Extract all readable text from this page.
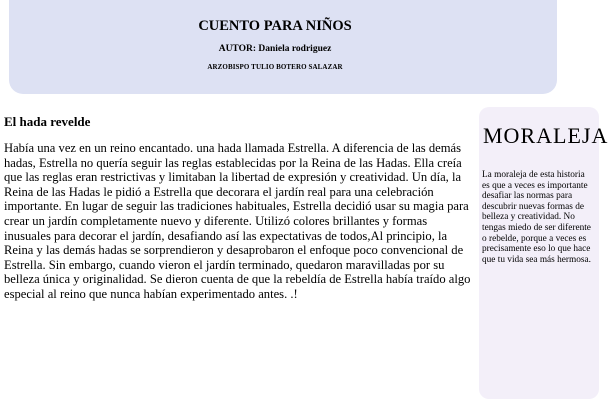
CUENTO PARA NIÑOS
AUTOR: Daniela rodriguez
ARZOBISPO TULIO BOTERO SALAZAR
El hada revelde

Había una vez en un reino encantado. una hada llamada Estrella. A diferencia de las demás hadas, Estrella no quería seguir las reglas establecidas por la Reina de las Hadas. Ella creía que las reglas eran restrictivas y limitaban la libertad de expresión y creatividad. Un día, la Reina de las Hadas le pidió a Estrella que decorara el jardín real para una celebración importante. En lugar de seguir las tradiciones habituales, Estrella decidió usar su magia para crear un jardín completamente nuevo y diferente. Utilizó colores brillantes y formas inusuales para decorar el jardín, desafiando así las expectativas de todos,Al principio, la Reina y las demás hadas se sorprendieron y desaprobaron el enfoque poco convencional de Estrella. Sin embargo, cuando vieron el jardín terminado, quedaron maravilladas por su belleza única y originalidad. Se dieron cuenta de que la rebeldía de Estrella había traído algo especial al reino que nunca habían experimentado antes. .!

MORALEJA

La moraleja de esta historia es que a veces es importante desafiar las normas para descubrir nuevas formas de belleza y creatividad. No tengas miedo de ser diferente o rebelde, porque a veces es precisamente eso lo que hace que tu vida sea más hermosa.
